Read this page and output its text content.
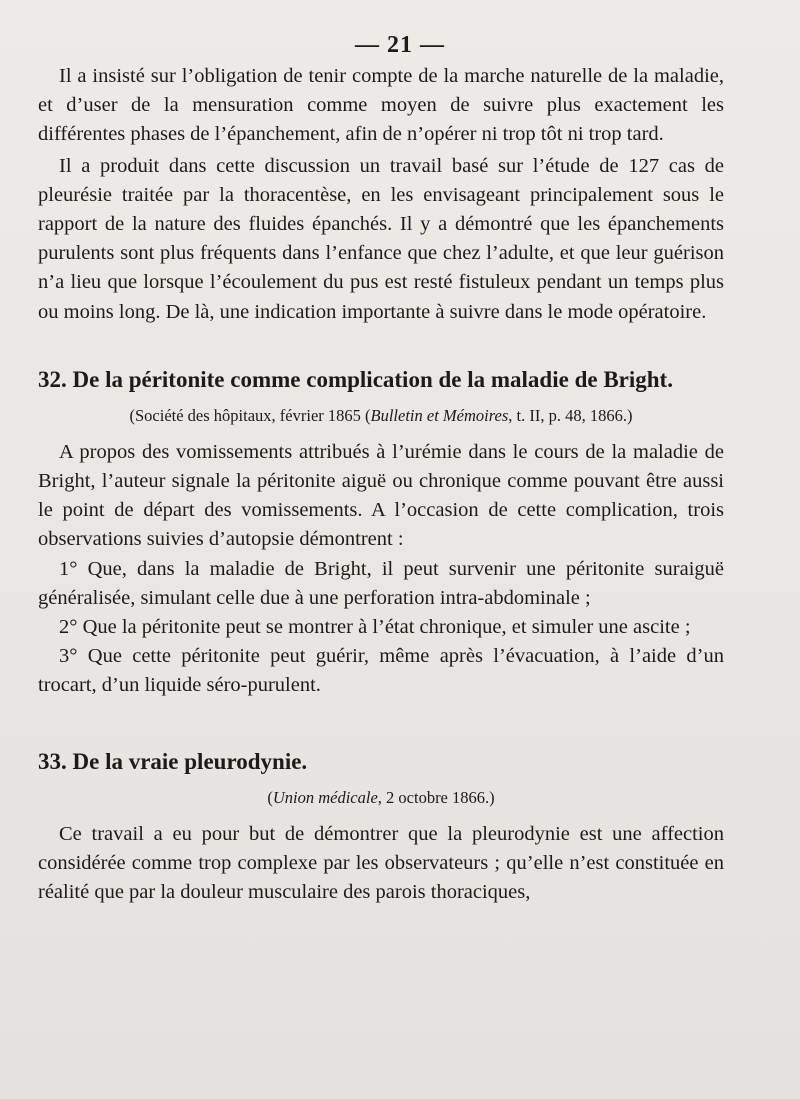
— 21 —

Il a insisté sur l’obligation de tenir compte de la marche naturelle de la maladie, et d’user de la mensuration comme moyen de suivre plus exactement les différentes phases de l’épanchement, afin de n’opérer ni trop tôt ni trop tard.

Il a produit dans cette discussion un travail basé sur l’étude de 127 cas de pleurésie traitée par la thoracentèse, en les envisageant principalement sous le rapport de la nature des fluides épanchés. Il y a démontré que les épanchements purulents sont plus fréquents dans l’enfance que chez l’adulte, et que leur guérison n’a lieu que lorsque l’écoulement du pus est resté fistuleux pendant un temps plus ou moins long. De là, une indication importante à suivre dans le mode opératoire.

32. De la péritonite comme complication de la maladie de Bright.
(Société des hôpitaux, février 1865 (Bulletin et Mémoires, t. II, p. 48, 1866.)

A propos des vomissements attribués à l’urémie dans le cours de la maladie de Bright, l’auteur signale la péritonite aiguë ou chronique comme pouvant être aussi le point de départ des vomissements. A l’occasion de cette complication, trois observations suivies d’autopsie démontrent :

1° Que, dans la maladie de Bright, il peut survenir une péritonite suraiguë généralisée, simulant celle due à une perforation intra-abdominale ;

2° Que la péritonite peut se montrer à l’état chronique, et simuler une ascite ;

3° Que cette péritonite peut guérir, même après l’évacuation, à l’aide d’un trocart, d’un liquide séro-purulent.

33. De la vraie pleurodynie.
(Union médicale, 2 octobre 1866.)

Ce travail a eu pour but de démontrer que la pleurodynie est une affection considérée comme trop complexe par les observateurs ; qu’elle n’est constituée en réalité que par la douleur musculaire des parois thoraciques,
